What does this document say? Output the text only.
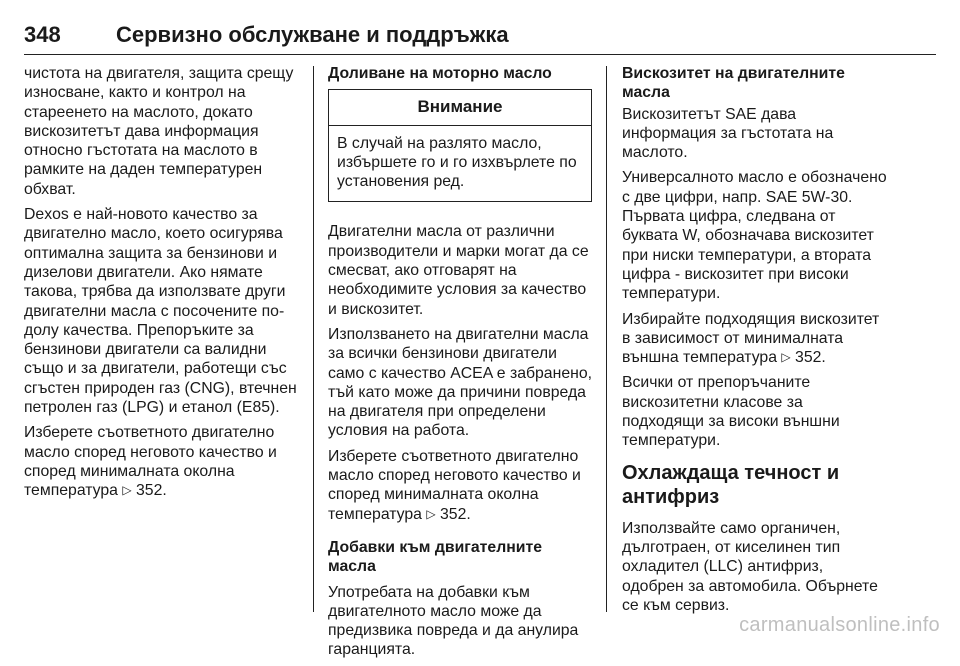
348	Сервизно обслужване и поддръжка

чистота на двигателя, защита срещу износване, както и контрол на стареенето на маслото, докато вискозитетът дава информация относно гъстотата на маслото в рамките на даден температурен обхват.

Dexos е най-новото качество за двигателно масло, което осигурява оптимална защита за бензинови и дизелови двигатели. Ако нямате такова, трябва да използвате други двигателни масла с посочените по-долу качества. Препоръките за бензинови двигатели са валидни също и за двигатели, работещи със сгъстен природен газ (CNG), втечнен петролен газ (LPG) и етанол (E85).

Изберете съответното двигателно масло според неговото качество и според минималната околна температура ▷ 352.

Доливане на моторно масло
Внимание
В случай на разлято масло, избършете го и го изхвърлете по установения ред.

Двигателни масла от различни производители и марки могат да се смесват, ако отговарят на необходимите условия за качество и вискозитет.

Използването на двигателни масла за всички бензинови двигатели само с качество ACEA е забранено, тъй като може да причини повреда на двигателя при определени условия на работа.

Изберете съответното двигателно масло според неговото качество и според минималната околна температура ▷ 352.

Добавки към двигателните масла

Употребата на добавки към двигателното масло може да предизвика повреда и да анулира гаранцията.

Вискозитет на двигателните масла

Вискозитетът SAE дава информация за гъстотата на маслото.

Универсалното масло е обозначено с две цифри, напр. SAE 5W-30. Първата цифра, следвана от буквата W, обозначава вискозитет при ниски температури, а втората цифра - вискозитет при високи температури.

Избирайте подходящия вискозитет в зависимост от минималната външна температура ▷ 352.

Всички от препоръчаните вискозитетни класове за подходящи за високи външни температури.

Охлаждаща течност и антифриз

Използвайте само органичен, дълготраен, от киселинен тип охладител (LLC) антифриз, одобрен за автомобила. Обърнете се към сервиз.

carmanualsonline.info
